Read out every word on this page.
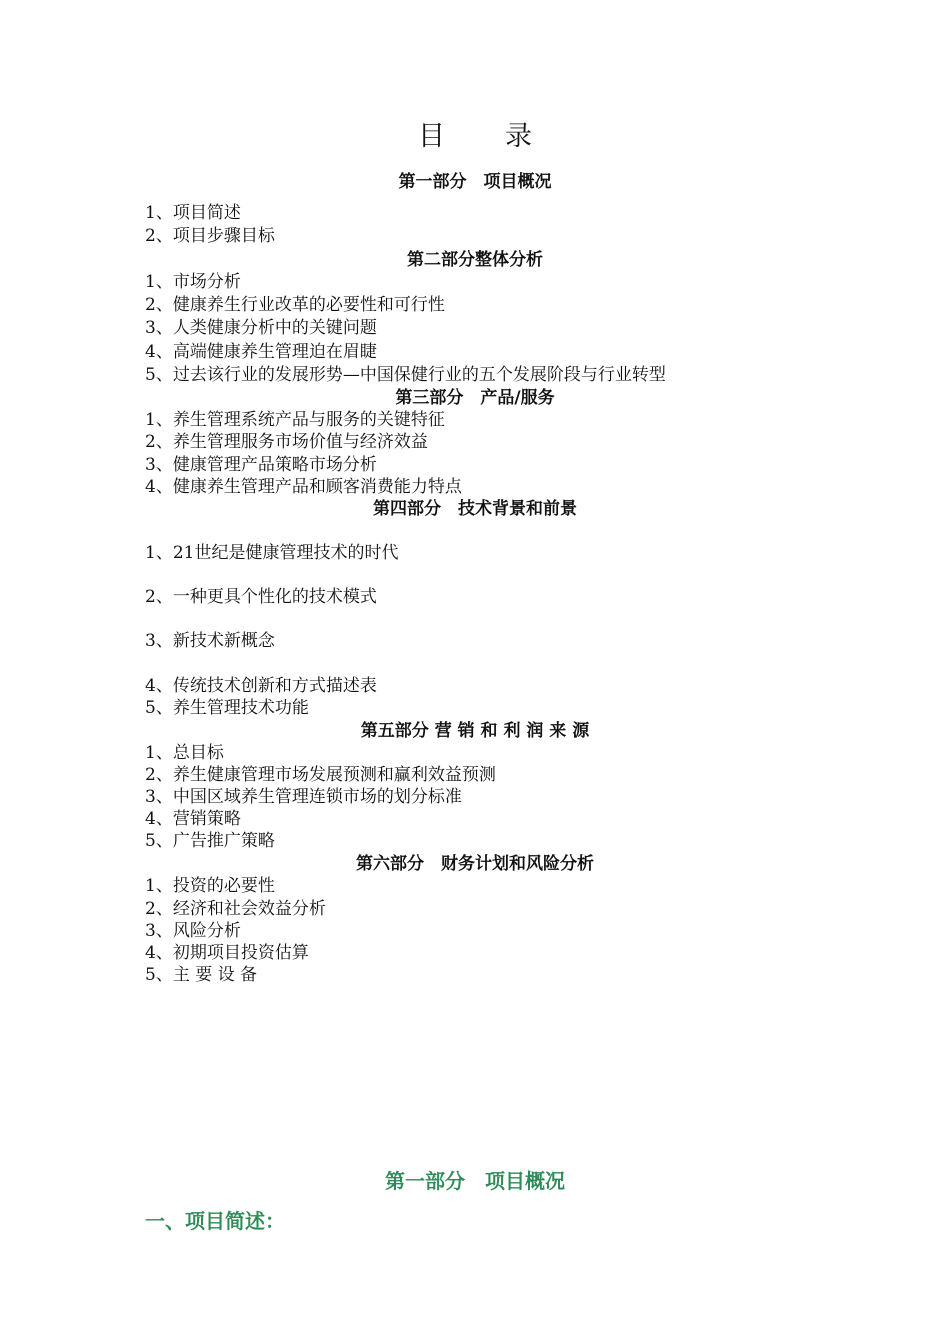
目 录
第一部分　项目概况
1、项目简述
2、项目步骤目标
第二部分整体分析
1、市场分析
2、健康养生行业改革的必要性和可行性
3、人类健康分析中的关键问题
4、高端健康养生管理迫在眉睫
5、过去该行业的发展形势—中国保健行业的五个发展阶段与行业转型
第三部分　产品/服务
1、养生管理系统产品与服务的关键特征
2、养生管理服务市场价值与经济效益
3、健康管理产品策略市场分析
4、健康养生管理产品和顾客消费能力特点
第四部分　技术背景和前景
1、21世纪是健康管理技术的时代
2、一种更具个性化的技术模式
3、新技术新概念
4、传统技术创新和方式描述表
5、养生管理技术功能
第五部分 营 销 和 利 润 来 源
1、总目标
2、养生健康管理市场发展预测和赢利效益预测
3、中国区域养生管理连锁市场的划分标准
4、营销策略
5、广告推广策略
第六部分　财务计划和风险分析
1、投资的必要性
2、经济和社会效益分析
3、风险分析
4、初期项目投资估算
5、主 要 设 备
第一部分　项目概况
一、项目简述：
